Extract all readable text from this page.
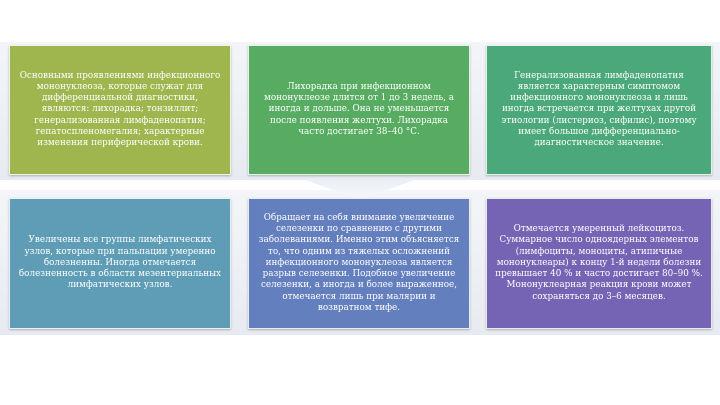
Основными проявлениями инфекционного мононуклеоза, которые служат для дифференциальной диагностики, являются: лихорадка; тонзиллит; генерализованная лимфаденопатия; гепатоспленомегалия; характерные изменения периферической крови.
Лихорадка при инфекционном мононуклеозе длится от 1 до 3 недель, а иногда и дольше. Она не уменьшается после появления желтухи. Лихорадка часто достигает 38–40 °С.
Генерализованная лимфаденопатия является характерным симптомом инфекционного мононуклеоза и лишь иногда встречается при желтухах другой этиологии (листериоз, сифилис), поэтому имеет большое дифференциально-диагностическое значение.
Увеличены все группы лимфатических узлов, которые при пальпации умеренно болезненны. Иногда отмечается болезненность в области мезентериальных лимфатических узлов.
Обращает на себя внимание увеличение селезенки по сравнению с другими заболеваниями. Именно этим объясняется то, что одним из тяжелых осложнений инфекционного мононуклеоза является разрыв селезенки. Подобное увеличение селезенки, а иногда и более выраженное, отмечается лишь при малярии и возвратном тифе.
Отмечается умеренный лейкоцитоз. Суммарное число одноядерных элементов (лимфоциты, моноциты, атипичные мононуклеары) к концу 1-й недели болезни превышает 40 % и часто достигает 80–90 %. Мононуклеарная реакция крови может сохраняться до 3–6 месяцев.
